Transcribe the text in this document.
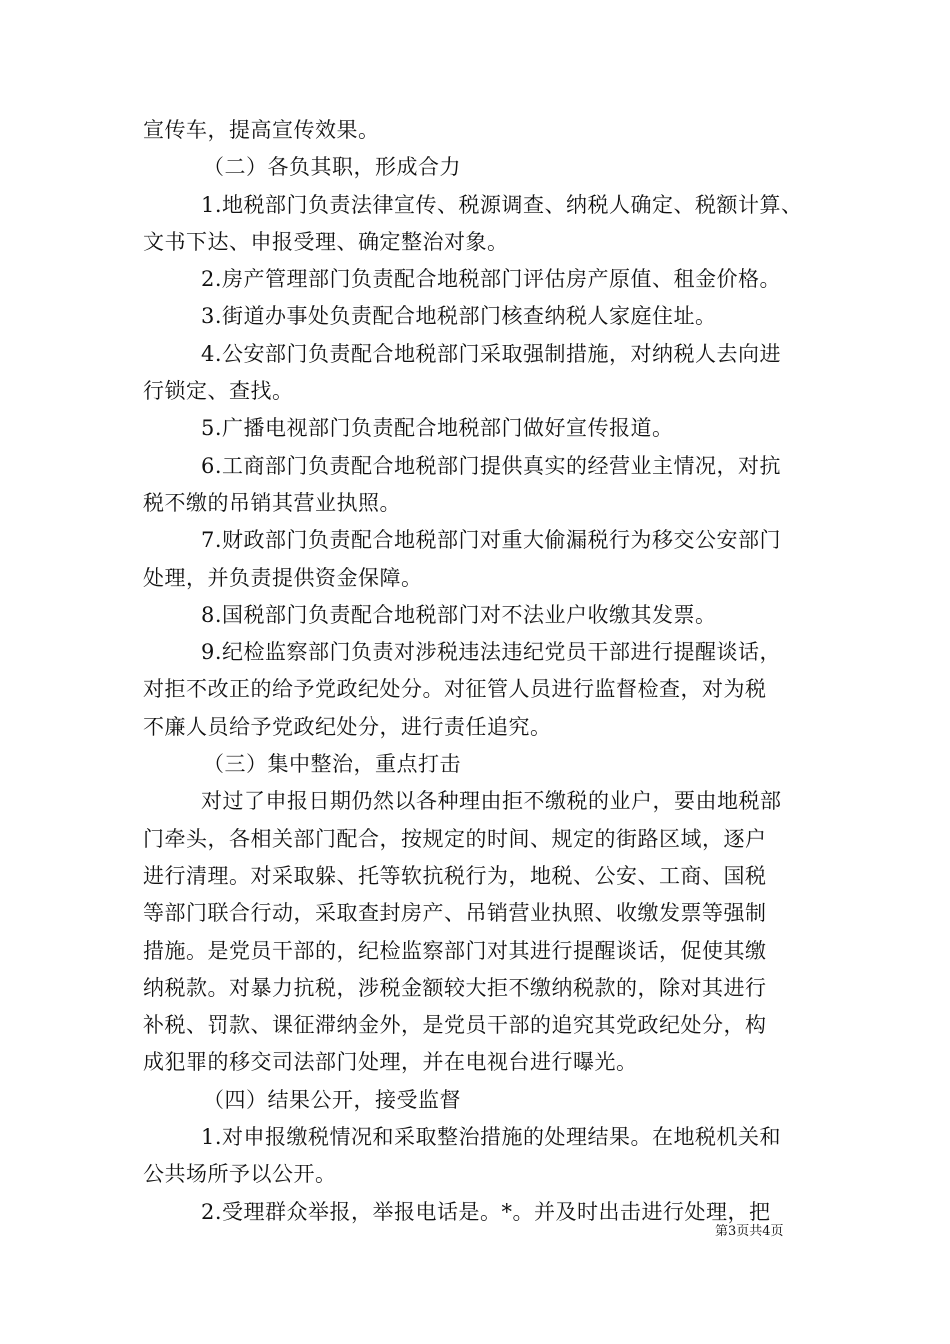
宣传车，提高宣传效果。
（二）各负其职，形成合力
1.地税部门负责法律宣传、税源调查、纳税人确定、税额计算、
文书下达、申报受理、确定整治对象。
2.房产管理部门负责配合地税部门评估房产原值、租金价格。
3.街道办事处负责配合地税部门核查纳税人家庭住址。
4.公安部门负责配合地税部门采取强制措施，对纳税人去向进
行锁定、查找。
5.广播电视部门负责配合地税部门做好宣传报道。
6.工商部门负责配合地税部门提供真实的经营业主情况，对抗
税不缴的吊销其营业执照。
7.财政部门负责配合地税部门对重大偷漏税行为移交公安部门
处理，并负责提供资金保障。
8.国税部门负责配合地税部门对不法业户收缴其发票。
9.纪检监察部门负责对涉税违法违纪党员干部进行提醒谈话，
对拒不改正的给予党政纪处分。对征管人员进行监督检查，对为税
不廉人员给予党政纪处分，进行责任追究。
（三）集中整治，重点打击
对过了申报日期仍然以各种理由拒不缴税的业户，要由地税部
门牵头，各相关部门配合，按规定的时间、规定的街路区域，逐户
进行清理。对采取躲、托等软抗税行为，地税、公安、工商、国税
等部门联合行动，采取查封房产、吊销营业执照、收缴发票等强制
措施。是党员干部的，纪检监察部门对其进行提醒谈话，促使其缴
纳税款。对暴力抗税，涉税金额较大拒不缴纳税款的，除对其进行
补税、罚款、课征滞纳金外，是党员干部的追究其党政纪处分，构
成犯罪的移交司法部门处理，并在电视台进行曝光。
（四）结果公开，接受监督
1.对申报缴税情况和采取整治措施的处理结果。在地税机关和
公共场所予以公开。
2.受理群众举报，举报电话是。*。并及时出击进行处理，把
第3页共4页
